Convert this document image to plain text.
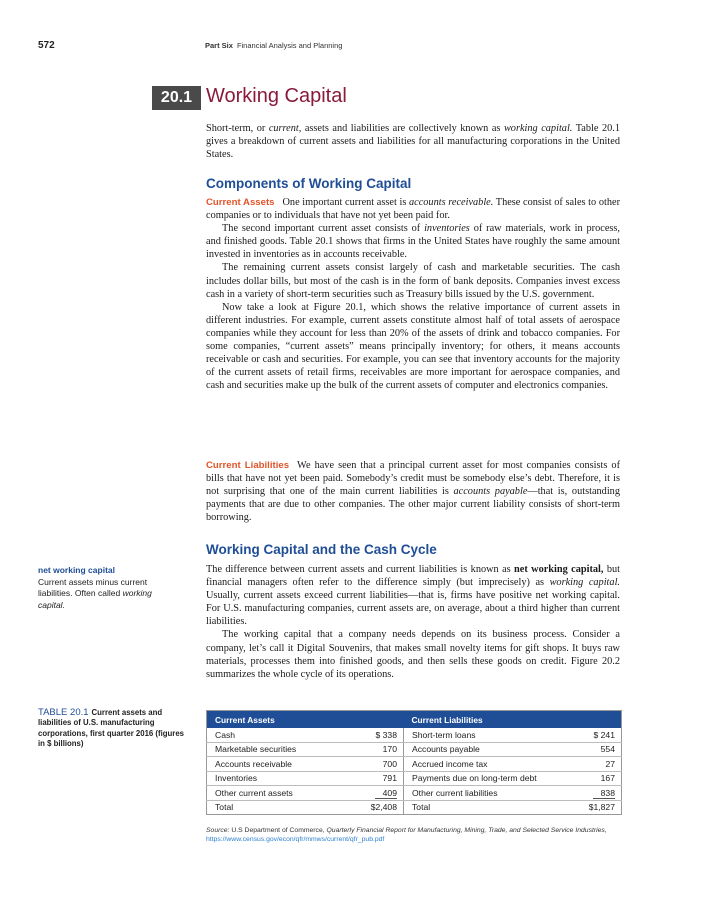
572	Part Six Financial Analysis and Planning
20.1 Working Capital

Short-term, or current, assets and liabilities are collectively known as working capital. Table 20.1 gives a breakdown of current assets and liabilities for all manufacturing corporations in the United States.

Components of Working Capital

Current Assets One important current asset is accounts receivable. These consist of sales to other companies or to individuals that have not yet been paid for.

The second important current asset consists of inventories of raw materials, work in process, and finished goods. Table 20.1 shows that firms in the United States have roughly the same amount invested in inventories as in accounts receivable.

The remaining current assets consist largely of cash and marketable securities. The cash includes dollar bills, but most of the cash is in the form of bank deposits. Companies invest excess cash in a variety of short-term securities such as Treasury bills issued by the U.S. government.

Now take a look at Figure 20.1, which shows the relative importance of current assets in different industries. For example, current assets constitute almost half of total assets of aerospace companies while they account for less than 20% of the assets of drink and tobacco companies. For some companies, “current assets” means principally inventory; for others, it means accounts receivable or cash and securities. For example, you can see that inventory accounts for the majority of the current assets of retail firms, receivables are more important for aerospace companies, and cash and securities make up the bulk of the current assets of computer and electronics companies.

Current Liabilities We have seen that a principal current asset for most companies consists of bills that have not yet been paid. Somebody’s credit must be somebody else’s debt. Therefore, it is not surprising that one of the main current liabilities is accounts payable—that is, outstanding payments that are due to other companies. The other major current liability consists of short-term borrowing.

Working Capital and the Cash Cycle

The difference between current assets and current liabilities is known as net working capital, but financial managers often refer to the difference simply (but imprecisely) as working capital. Usually, current assets exceed current liabilities—that is, firms have positive net working capital. For U.S. manufacturing companies, current assets are, on average, about a third higher than current liabilities.

The working capital that a company needs depends on its business process. Consider a company, let’s call it Digital Souvenirs, that makes small novelty items for gift shops. It buys raw materials, processes them into finished goods, and then sells these goods on credit. Figure 20.2 summarizes the whole cycle of its operations.

net working capital
Current assets minus current liabilities. Often called working capital.
TABLE 20.1 Current assets and liabilities of U.S. manufacturing corporations, first quarter 2016 (figures in $ billions)
Current Assets		Current Liabilities	
Cash	$ 338	Short-term loans	$ 241
Marketable securities	170	Accounts payable	554
Accounts receivable	700	Accrued income tax	27
Inventories	791	Payments due on long-term debt	167
Other current assets	409	Other current liabilities	838
Total	$2,408	Total	$1,827
Source: U.S Department of Commerce, Quarterly Financial Report for Manufacturing, Mining, Trade, and Selected Service Industries, https://www.census.gov/econ/qfr/mmws/current/qfr_pub.pdf
